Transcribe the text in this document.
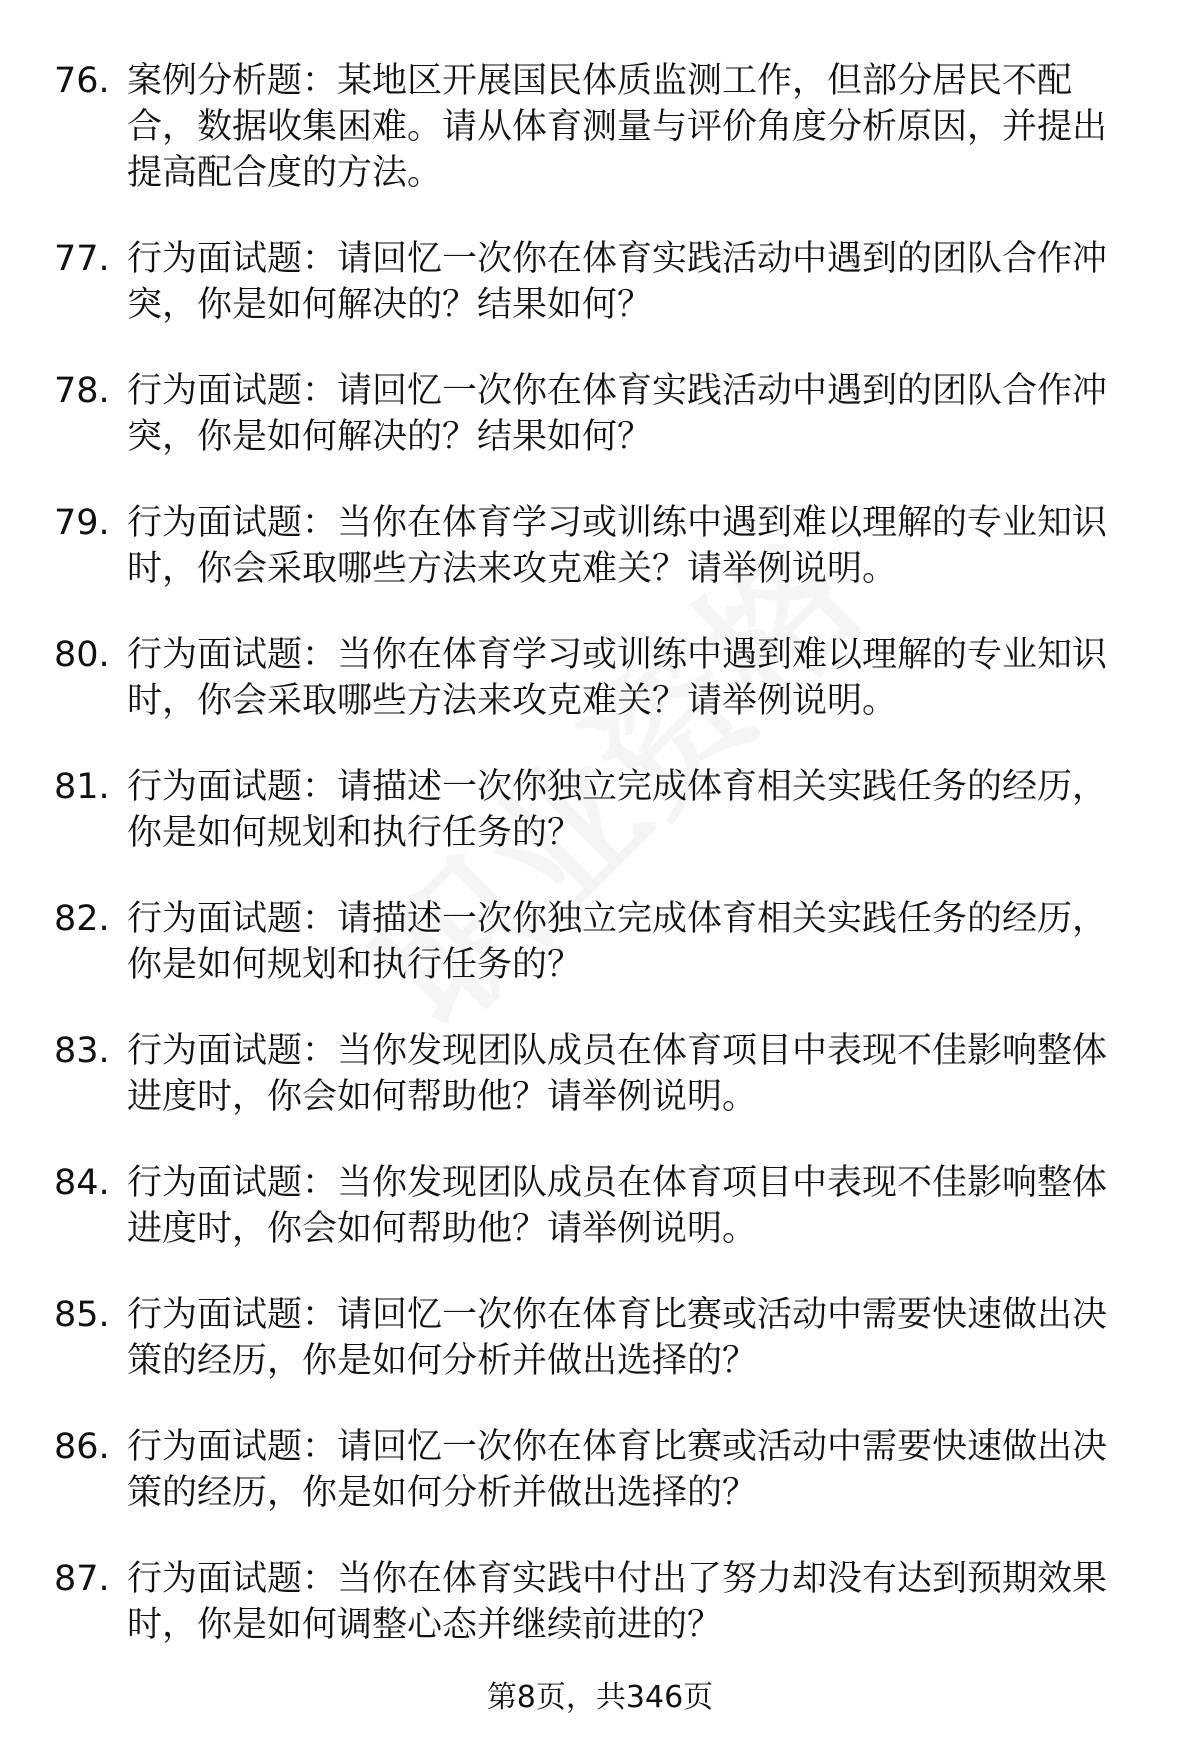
76. 案例分析题：某地区开展国民体质监测工作，但部分居民不配合，数据收集困难。请从体育测量与评价角度分析原因，并提出提高配合度的方法。
77. 行为面试题：请回忆一次你在体育实践活动中遇到的团队合作冲突，你是如何解决的？结果如何？
78. 行为面试题：请回忆一次你在体育实践活动中遇到的团队合作冲突，你是如何解决的？结果如何？
79. 行为面试题：当你在体育学习或训练中遇到难以理解的专业知识时，你会采取哪些方法来攻克难关？请举例说明。
80. 行为面试题：当你在体育学习或训练中遇到难以理解的专业知识时，你会采取哪些方法来攻克难关？请举例说明。
81. 行为面试题：请描述一次你独立完成体育相关实践任务的经历，你是如何规划和执行任务的？
82. 行为面试题：请描述一次你独立完成体育相关实践任务的经历，你是如何规划和执行任务的？
83. 行为面试题：当你发现团队成员在体育项目中表现不佳影响整体进度时，你会如何帮助他？请举例说明。
84. 行为面试题：当你发现团队成员在体育项目中表现不佳影响整体进度时，你会如何帮助他？请举例说明。
85. 行为面试题：请回忆一次你在体育比赛或活动中需要快速做出决策的经历，你是如何分析并做出选择的？
86. 行为面试题：请回忆一次你在体育比赛或活动中需要快速做出决策的经历，你是如何分析并做出选择的？
87. 行为面试题：当你在体育实践中付出了努力却没有达到预期效果时，你是如何调整心态并继续前进的？
第8页，共346页
